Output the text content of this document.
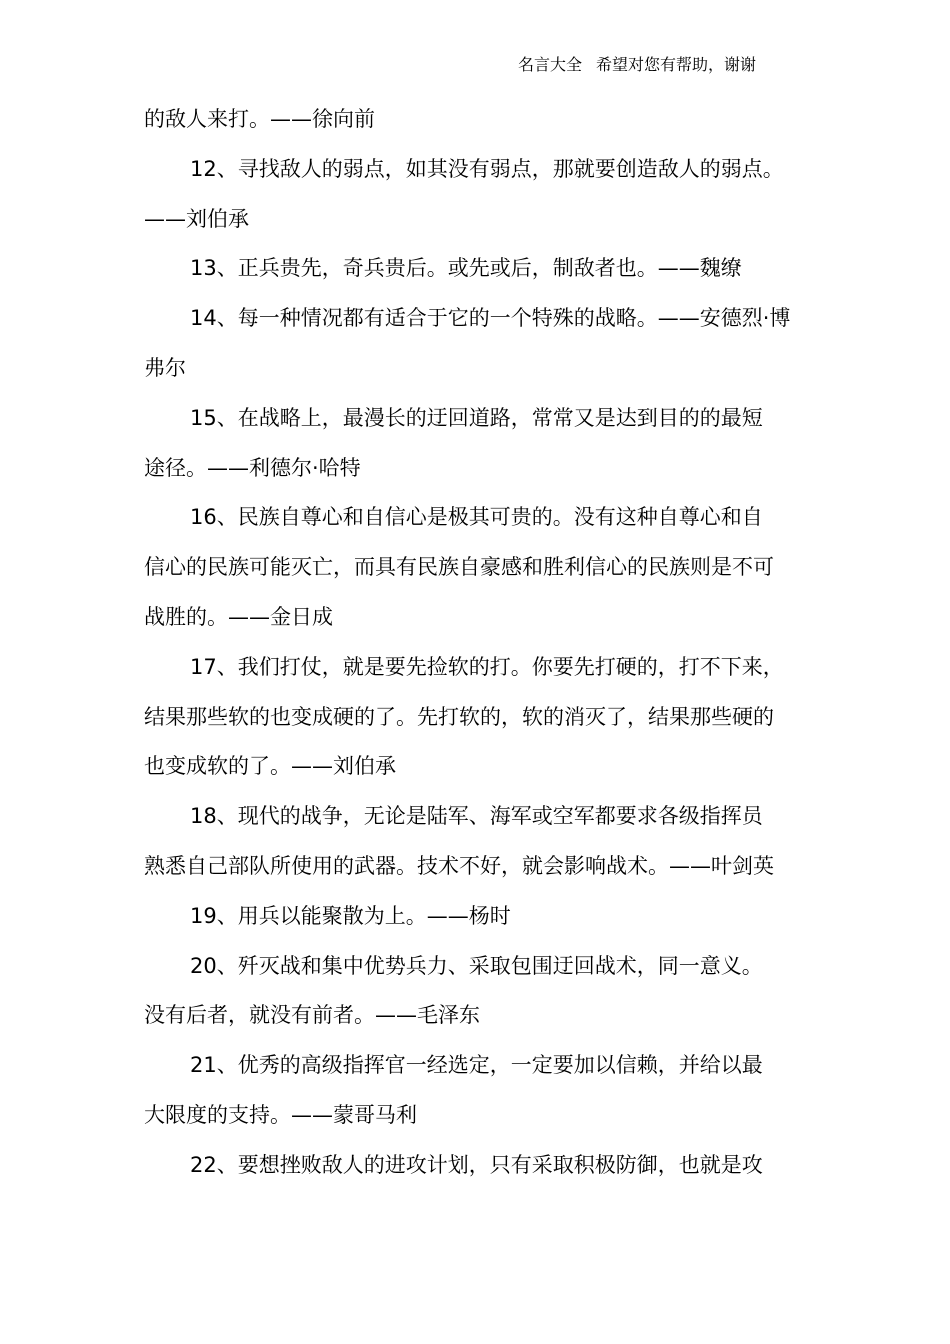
名言大全 希望对您有帮助，谢谢
的敌人来打。——徐向前
12、寻找敌人的弱点，如其没有弱点，那就要创造敌人的弱点。
——刘伯承
13、正兵贵先，奇兵贵后。或先或后，制敌者也。——魏缭
14、每一种情况都有适合于它的一个特殊的战略。——安德烈·博
弗尔
15、在战略上，最漫长的迂回道路，常常又是达到目的的最短
途径。——利德尔·哈特
16、民族自尊心和自信心是极其可贵的。没有这种自尊心和自
信心的民族可能灭亡，而具有民族自豪感和胜利信心的民族则是不可
战胜的。——金日成
17、我们打仗，就是要先捡软的打。你要先打硬的，打不下来，
结果那些软的也变成硬的了。先打软的，软的消灭了，结果那些硬的
也变成软的了。——刘伯承
18、现代的战争，无论是陆军、海军或空军都要求各级指挥员
熟悉自己部队所使用的武器。技术不好，就会影响战术。——叶剑英
19、用兵以能聚散为上。——杨时
20、歼灭战和集中优势兵力、采取包围迂回战术，同一意义。
没有后者，就没有前者。——毛泽东
21、优秀的高级指挥官一经选定，一定要加以信赖，并给以最
大限度的支持。——蒙哥马利
22、要想挫败敌人的进攻计划，只有采取积极防御，也就是攻
